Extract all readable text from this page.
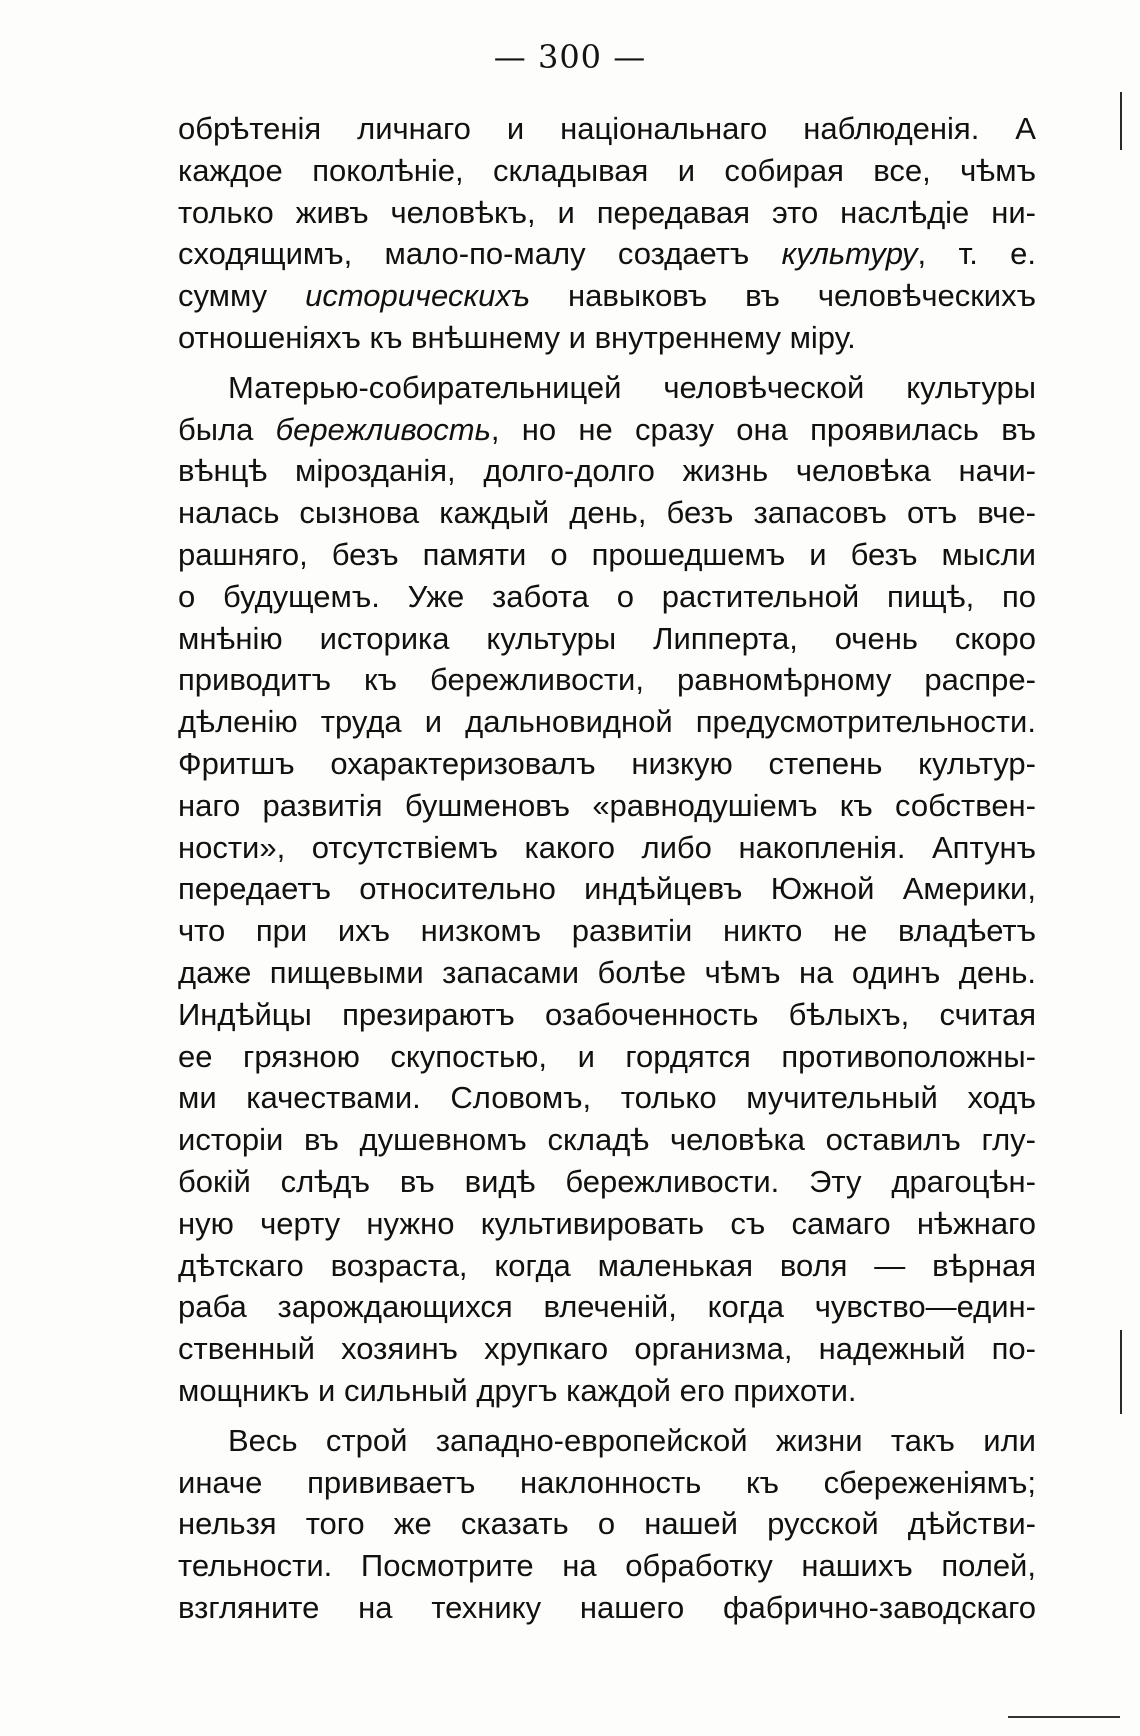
— 300 —
обрѣтенія личнаго и національнаго наблюденія. А
каждое поколѣніе, складывая и собирая все, чѣмъ
только живъ человѣкъ, и передавая это наслѣдіе ни-
сходящимъ, мало-по-малу создаетъ культуру, т. е.
сумму историческихъ навыковъ въ человѣческихъ
отношеніяхъ къ внѣшнему и внутреннему міру.
Матерью-собирательницей человѣческой культуры
была бережливость, но не сразу она проявилась въ
вѣнцѣ мірозданія, долго-долго жизнь человѣка начи-
налась сызнова каждый день, безъ запасовъ отъ вче-
рашняго, безъ памяти о прошедшемъ и безъ мысли
о будущемъ. Уже забота о растительной пищѣ, по
мнѣнію историка культуры Липперта, очень скоро
приводитъ къ бережливости, равномѣрному распре-
дѣленію труда и дальновидной предусмотрительности.
Фритшъ охарактеризовалъ низкую степень культур-
наго развитія бушменовъ «равнодушіемъ къ собствен-
ности», отсутствіемъ какого либо накопленія. Аптунъ
передаетъ относительно индѣйцевъ Южной Америки,
что при ихъ низкомъ развитіи никто не владѣетъ
даже пищевыми запасами болѣе чѣмъ на одинъ день.
Индѣйцы презираютъ озабоченность бѣлыхъ, считая
ее грязною скупостью, и гордятся противоположны-
ми качествами. Словомъ, только мучительный ходъ
исторіи въ душевномъ складѣ человѣка оставилъ глу-
бокій слѣдъ въ видѣ бережливости. Эту драгоцѣн-
ную черту нужно культивировать съ самаго нѣжнаго
дѣтскаго возраста, когда маленькая воля — вѣрная
раба зарождающихся влеченій, когда чувство—един-
ственный хозяинъ хрупкаго организма, надежный по-
мощникъ и сильный другъ каждой его прихоти.
Весь строй западно-европейской жизни такъ или
иначе прививаетъ наклонность къ сбереженіямъ;
нельзя того же сказать о нашей русской дѣйстви-
тельности. Посмотрите на обработку нашихъ полей,
взгляните на технику нашего фабрично-заводскаго
